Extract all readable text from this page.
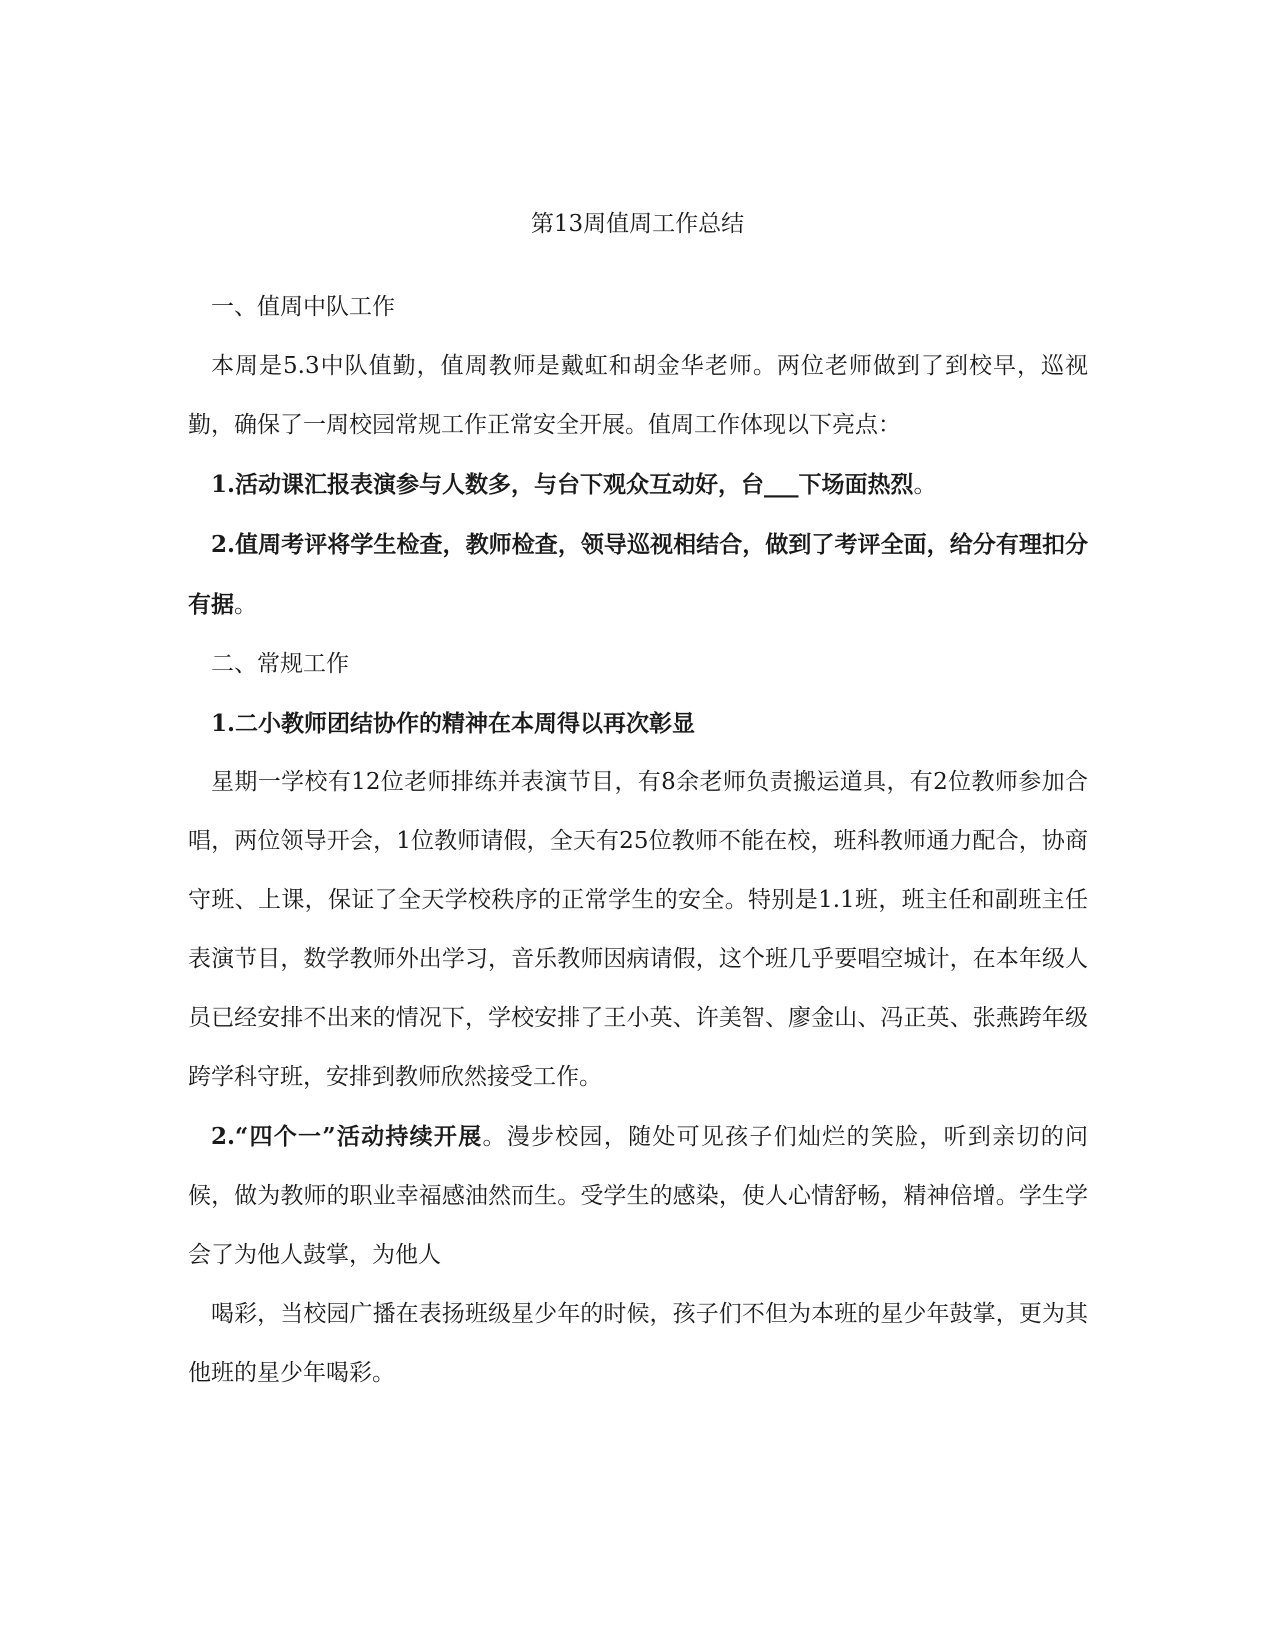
第13周值周工作总结

一、值周中队工作

本周是5.3中队值勤，值周教师是戴虹和胡金华老师。两位老师做到了到校早，巡视勤，确保了一周校园常规工作正常安全开展。值周工作体现以下亮点：

1.活动课汇报表演参与人数多，与台下观众互动好，台___下场面热烈。

2.值周考评将学生检查，教师检查，领导巡视相结合，做到了考评全面，给分有理扣分有据。

二、常规工作

1.二小教师团结协作的精神在本周得以再次彰显

星期一学校有12位老师排练并表演节目，有8余老师负责搬运道具，有2位教师参加合唱，两位领导开会，1位教师请假，全天有25位教师不能在校，班科教师通力配合，协商守班、上课，保证了全天学校秩序的正常学生的安全。特别是1.1班，班主任和副班主任表演节目，数学教师外出学习，音乐教师因病请假，这个班几乎要唱空城计，在本年级人员已经安排不出来的情况下，学校安排了王小英、许美智、廖金山、冯正英、张燕跨年级跨学科守班，安排到教师欣然接受工作。

2.“四个一”活动持续开展。漫步校园，随处可见孩子们灿烂的笑脸，听到亲切的问候，做为教师的职业幸福感油然而生。受学生的感染，使人心情舒畅，精神倍增。学生学会了为他人鼓掌，为他人

喝彩，当校园广播在表扬班级星少年的时候，孩子们不但为本班的星少年鼓掌，更为其他班的星少年喝彩。
